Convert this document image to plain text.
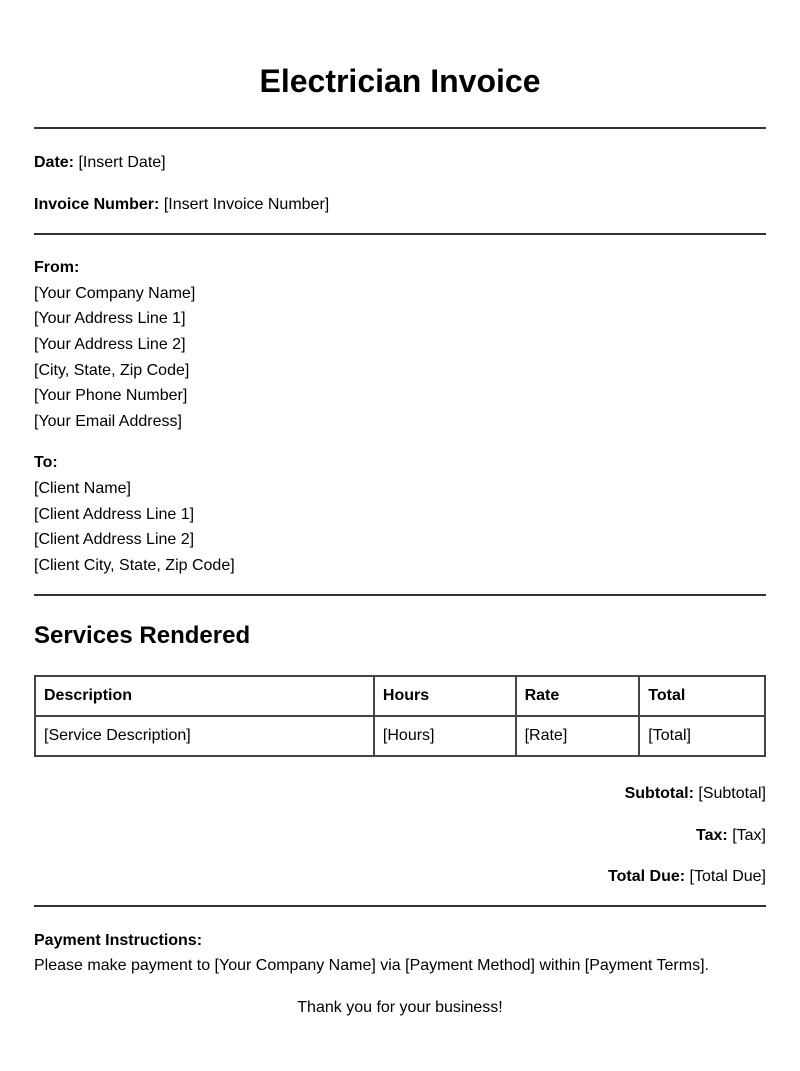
Electrician Invoice
Date: [Insert Date]
Invoice Number: [Insert Invoice Number]
From:
[Your Company Name]
[Your Address Line 1]
[Your Address Line 2]
[City, State, Zip Code]
[Your Phone Number]
[Your Email Address]
To:
[Client Name]
[Client Address Line 1]
[Client Address Line 2]
[Client City, State, Zip Code]
Services Rendered
Description	Hours	Rate	Total
[Service Description]	[Hours]	[Rate]	[Total]
Subtotal: [Subtotal]
Tax: [Tax]
Total Due: [Total Due]
Payment Instructions:
Please make payment to [Your Company Name] via [Payment Method] within [Payment Terms].
Thank you for your business!
